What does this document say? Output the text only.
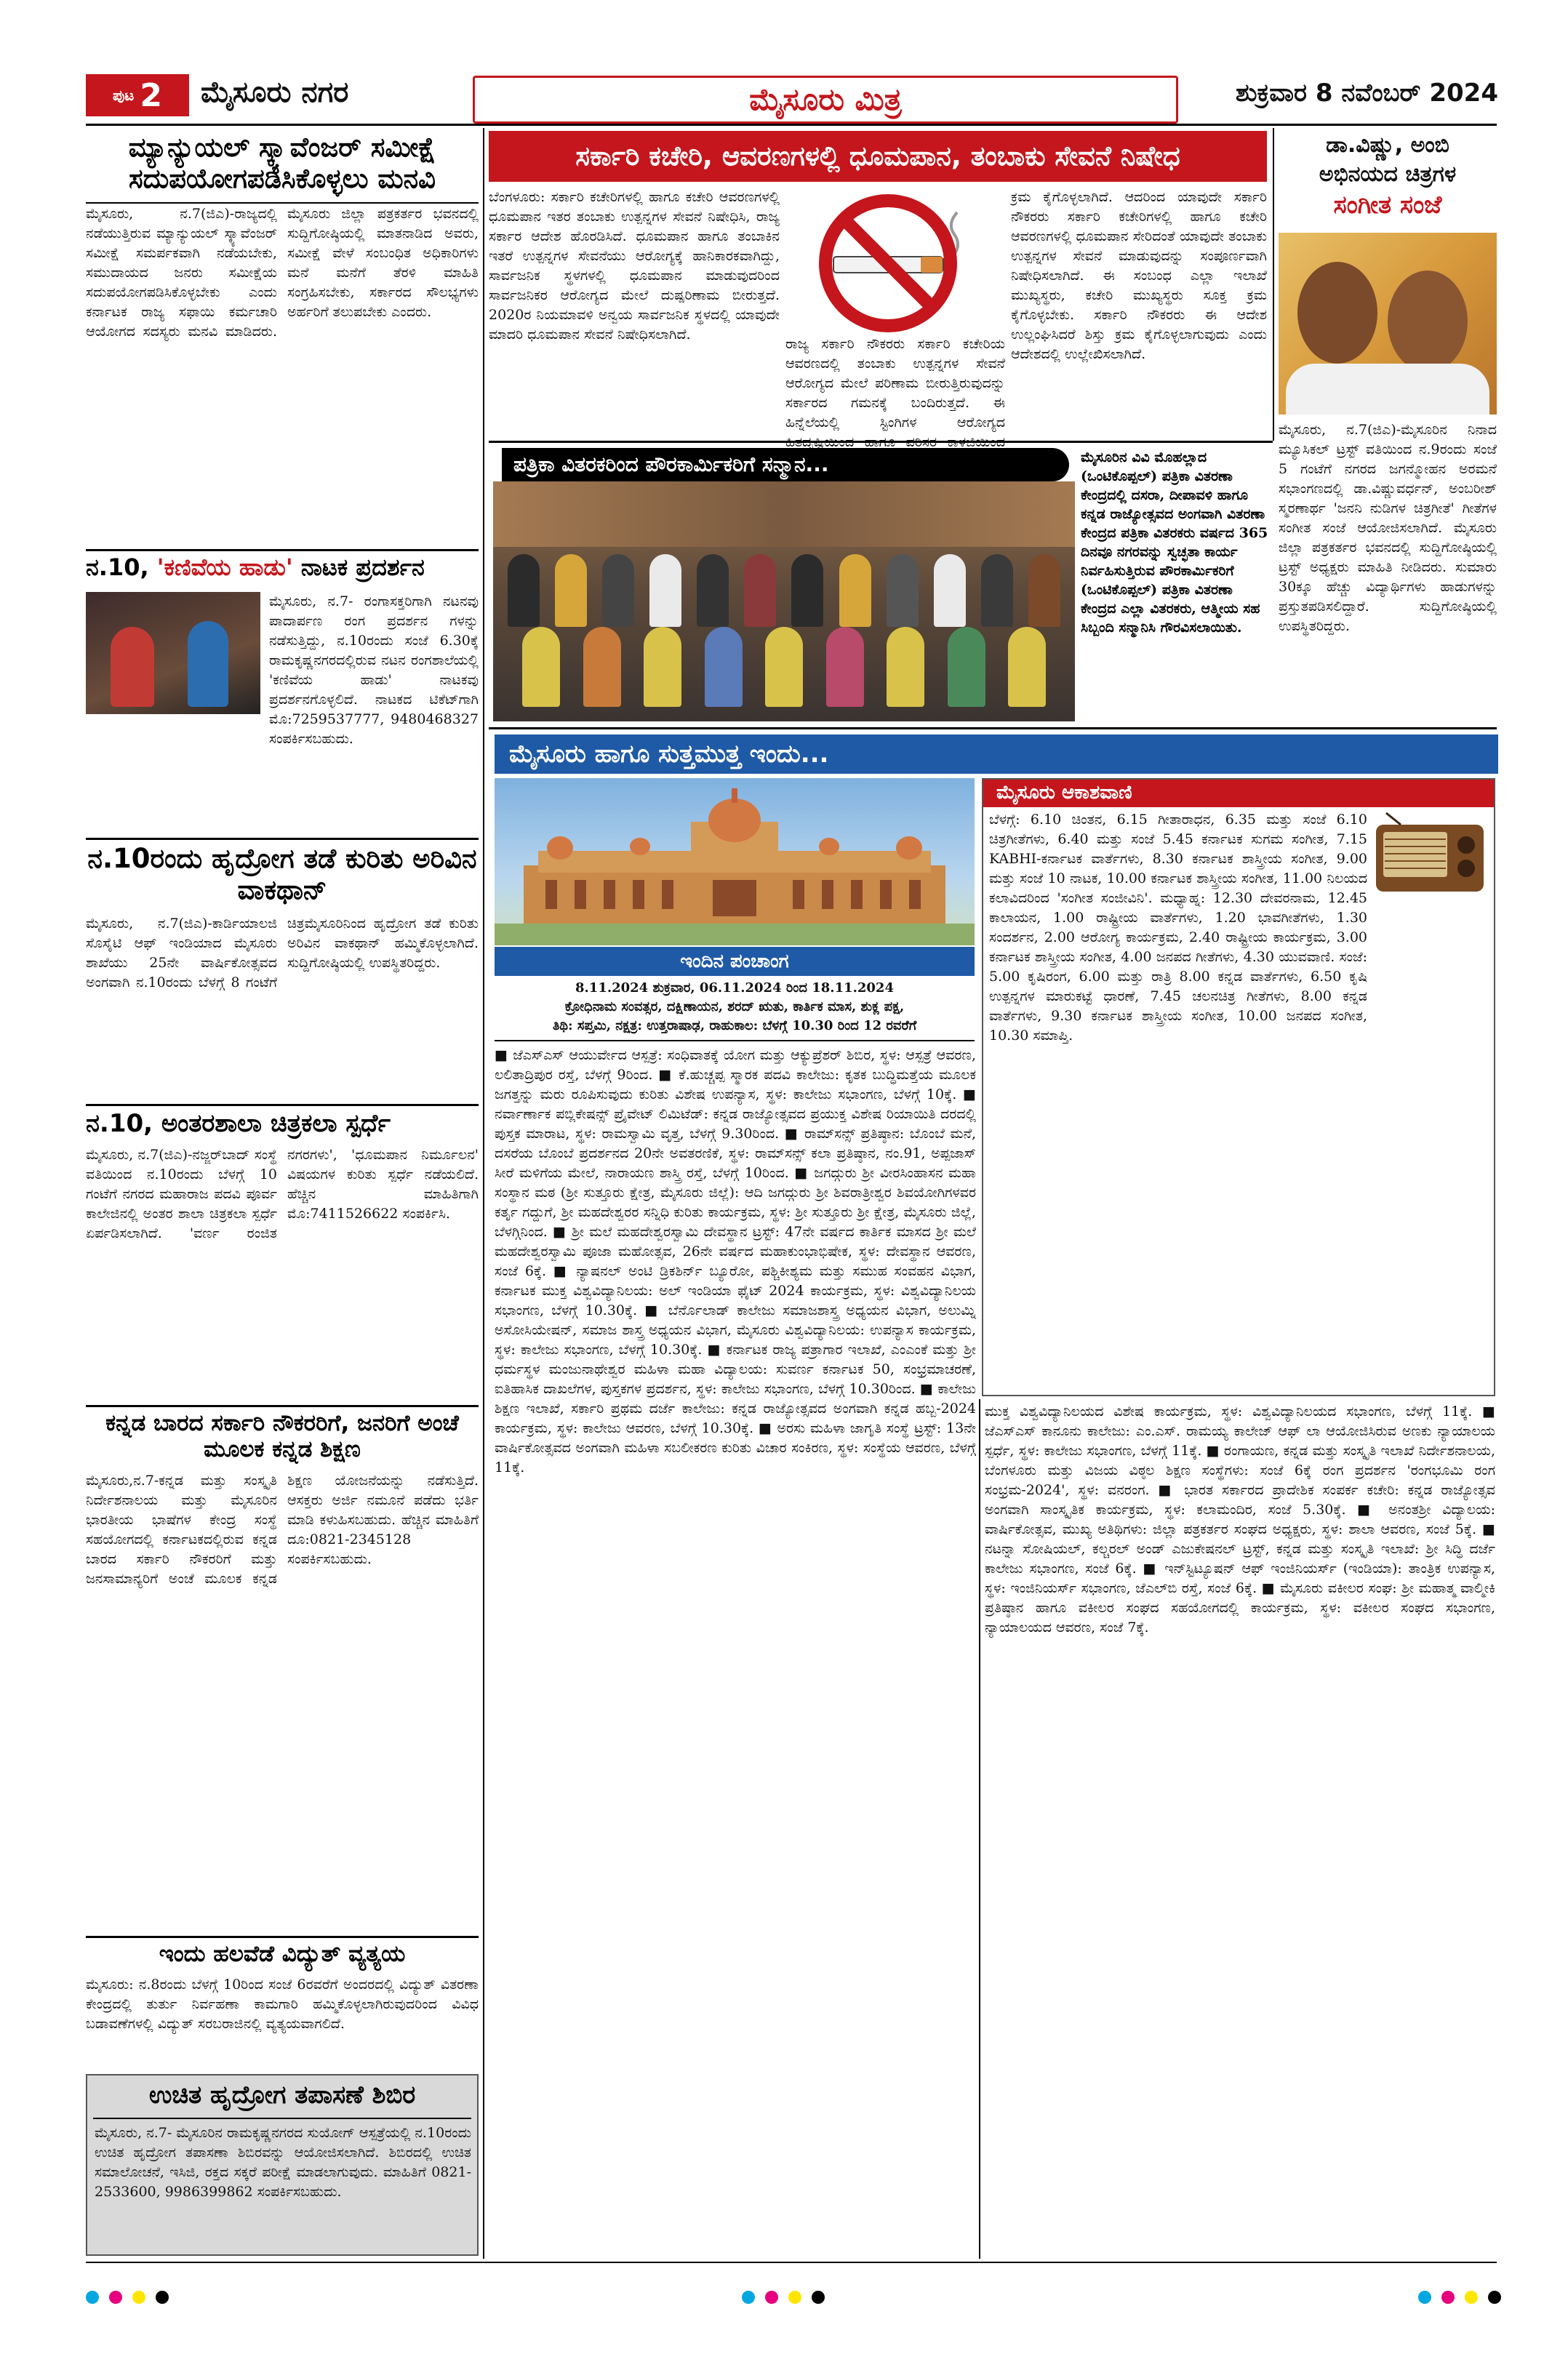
ಪುಟ 2 ಮೈಸೂರು ನಗರ	ಮೈಸೂರು ಮಿತ್ರ	ಶುಕ್ರವಾರ 8 ನವೆಂಬರ್ 2024
ಮ್ಯಾನ್ಯುಯಲ್ ಸ್ಕ್ಯಾವೆಂಜರ್ ಸಮೀಕ್ಷೆ ಸದುಪಯೋಗಪಡಿಸಿಕೊಳ್ಳಲು ಮನವಿ
ಮೈಸೂರು, ನ.7(ಜಿಎ)-ರಾಜ್ಯದಲ್ಲಿ ನಡೆಯುತ್ತಿರುವ ಮ್ಯಾನ್ಯುಯಲ್ ಸ್ಕ್ಯಾವೆಂಜರ್ ಸಮೀಕ್ಷೆ ಸಮರ್ಪಕವಾಗಿ ನಡೆಯಬೇಕು, ಸಮುದಾಯದ ಜನರು ಸಮೀಕ್ಷೆಯ ಸದುಪಯೋಗಪಡಿಸಿಕೊಳ್ಳಬೇಕು ಎಂದು ಕರ್ನಾಟಕ ರಾಜ್ಯ ಸಫಾಯಿ ಕರ್ಮಚಾರಿ ಆಯೋಗದ ಸದಸ್ಯರು ಮನವಿ ಮಾಡಿದರು. ಮೈಸೂರು ಜಿಲ್ಲಾ ಪತ್ರಕರ್ತರ ಭವನದಲ್ಲಿ ಸುದ್ದಿಗೋಷ್ಠಿಯಲ್ಲಿ ಮಾತನಾಡಿದ ಅವರು, ಸಮೀಕ್ಷೆ ವೇಳೆ ಸಂಬಂಧಿತ ಅಧಿಕಾರಿಗಳು ಮನೆ ಮನೆಗೆ ತೆರಳಿ ಮಾಹಿತಿ ಸಂಗ್ರಹಿಸಬೇಕು, ಸರ್ಕಾರದ ಸೌಲಭ್ಯಗಳು ಅರ್ಹರಿಗೆ ತಲುಪಬೇಕು ಎಂದರು.
ನ.10, 'ಕಣಿವೆಯ ಹಾಡು' ನಾಟಕ ಪ್ರದರ್ಶನ
ಮೈಸೂರು, ನ.7- ರಂಗಾಸಕ್ತರಿಗಾಗಿ ನಟನವು ಪಾದಾರ್ಪಣ ರಂಗ ಪ್ರದರ್ಶನ ಗಳನ್ನು ನಡೆಸುತ್ತಿದ್ದು, ನ.10ರಂದು ಸಂಜೆ 6.30ಕ್ಕೆ ರಾಮಕೃಷ್ಣನಗರದಲ್ಲಿರುವ ನಟನ ರಂಗಶಾಲೆಯಲ್ಲಿ 'ಕಣಿವೆಯ ಹಾಡು' ನಾಟಕವು ಪ್ರದರ್ಶನಗೊಳ್ಳಲಿದೆ. ನಾಟಕದ ಟಿಕೆಟ್‌ಗಾಗಿ ಮೊ:7259537777, 9480468327 ಸಂಪರ್ಕಿಸಬಹುದು.
ನ.10ರಂದು ಹೃದ್ರೋಗ ತಡೆ ಕುರಿತು ಅರಿವಿನ ವಾಕಥಾನ್
ಮೈಸೂರು, ನ.7(ಜಿಎ)-ಕಾರ್ಡಿಯಾಲಜಿ ಸೊಸೈಟಿ ಆಫ್ ಇಂಡಿಯಾದ ಮೈಸೂರು ಶಾಖೆಯು 25ನೇ ವಾರ್ಷಿಕೋತ್ಸವದ ಅಂಗವಾಗಿ ನ.10ರಂದು ಬೆಳಗ್ಗೆ 8 ಗಂಟೆಗೆ ಚಿತ್ರಮೈಸೂರಿನಿಂದ ಹೃದ್ರೋಗ ತಡೆ ಕುರಿತು ಅರಿವಿನ ವಾಕಥಾನ್ ಹಮ್ಮಿಕೊಳ್ಳಲಾಗಿದೆ. ಸುದ್ದಿಗೋಷ್ಠಿಯಲ್ಲಿ ಉಪಸ್ಥಿತರಿದ್ದರು.
ನ.10, ಅಂತರಶಾಲಾ ಚಿತ್ರಕಲಾ ಸ್ಪರ್ಧೆ
ಮೈಸೂರು, ನ.7(ಜಿಎ)-ನಜ್ಜರ್‌ಬಾದ್ ಸಂಸ್ಥೆ ವತಿಯಿಂದ ನ.10ರಂದು ಬೆಳಗ್ಗೆ 10 ಗಂಟೆಗೆ ನಗರದ ಮಹಾರಾಜ ಪದವಿ ಪೂರ್ವ ಕಾಲೇಜಿನಲ್ಲಿ ಅಂತರ ಶಾಲಾ ಚಿತ್ರಕಲಾ ಸ್ಪರ್ಧೆ ಏರ್ಪಡಿಸಲಾಗಿದೆ. 'ವರ್ಣ ರಂಜಿತ ನಗರಗಳು', 'ಧೂಮಪಾನ ನಿರ್ಮೂಲನ' ವಿಷಯಗಳ ಕುರಿತು ಸ್ಪರ್ಧೆ ನಡೆಯಲಿದೆ. ಹೆಚ್ಚಿನ ಮಾಹಿತಿಗಾಗಿ ಮೊ:7411526622 ಸಂಪರ್ಕಿಸಿ.
ಕನ್ನಡ ಬಾರದ ಸರ್ಕಾರಿ ನೌಕರರಿಗೆ, ಜನರಿಗೆ ಅಂಚೆ ಮೂಲಕ ಕನ್ನಡ ಶಿಕ್ಷಣ
ಮೈಸೂರು,ನ.7-ಕನ್ನಡ ಮತ್ತು ಸಂಸ್ಕೃತಿ ನಿರ್ದೇಶನಾಲಯ ಮತ್ತು ಮೈಸೂರಿನ ಭಾರತೀಯ ಭಾಷೆಗಳ ಕೇಂದ್ರ ಸಂಸ್ಥೆ ಸಹಯೋಗದಲ್ಲಿ ಕರ್ನಾಟಕದಲ್ಲಿರುವ ಕನ್ನಡ ಬಾರದ ಸರ್ಕಾರಿ ನೌಕರರಿಗೆ ಮತ್ತು ಜನಸಾಮಾನ್ಯರಿಗೆ ಅಂಚೆ ಮೂಲಕ ಕನ್ನಡ ಶಿಕ್ಷಣ ಯೋಜನೆಯನ್ನು ನಡೆಸುತ್ತಿದೆ. ಆಸಕ್ತರು ಅರ್ಜಿ ನಮೂನೆ ಪಡೆದು ಭರ್ತಿ ಮಾಡಿ ಕಳುಹಿಸಬಹುದು. ಹೆಚ್ಚಿನ ಮಾಹಿತಿಗೆ ದೂ:0821-2345128 ಸಂಪರ್ಕಿಸಬಹುದು.
ಇಂದು ಹಲವೆಡೆ ವಿದ್ಯುತ್ ವ್ಯತ್ಯಯ
ಮೈಸೂರು: ನ.8ರಂದು ಬೆಳಗ್ಗೆ 10ರಿಂದ ಸಂಜೆ 6ರವರೆಗೆ ಅಂದರದಲ್ಲಿ ವಿದ್ಯುತ್ ವಿತರಣಾ ಕೇಂದ್ರದಲ್ಲಿ ತುರ್ತು ನಿರ್ವಹಣಾ ಕಾಮಗಾರಿ ಹಮ್ಮಿಕೊಳ್ಳಲಾಗಿರುವುದರಿಂದ ವಿವಿಧ ಬಡಾವಣೆಗಳಲ್ಲಿ ವಿದ್ಯುತ್ ಸರಬರಾಜಿನಲ್ಲಿ ವ್ಯತ್ಯಯವಾಗಲಿದೆ.
ಉಚಿತ ಹೃದ್ರೋಗ ತಪಾಸಣೆ ಶಿಬಿರ
ಮೈಸೂರು, ನ.7- ಮೈಸೂರಿನ ರಾಮಕೃಷ್ಣನಗರದ ಸುಯೋಗ್ ಆಸ್ಪತ್ರೆಯಲ್ಲಿ ನ.10ರಂದು ಉಚಿತ ಹೃದ್ರೋಗ ತಪಾಸಣಾ ಶಿಬಿರವನ್ನು ಆಯೋಜಿಸಲಾಗಿದೆ. ಶಿಬಿರದಲ್ಲಿ ಉಚಿತ ಸಮಾಲೋಚನೆ, ಇಸಿಜಿ, ರಕ್ತದ ಸಕ್ಕರೆ ಪರೀಕ್ಷೆ ಮಾಡಲಾಗುವುದು. ಮಾಹಿತಿಗೆ 0821-2533600, 9986399862 ಸಂಪರ್ಕಿಸಬಹುದು.
ಸರ್ಕಾರಿ ಕಚೇರಿ, ಆವರಣಗಳಲ್ಲಿ ಧೂಮಪಾನ, ತಂಬಾಕು ಸೇವನೆ ನಿಷೇಧ
ಬೆಂಗಳೂರು: ಸರ್ಕಾರಿ ಕಚೇರಿಗಳಲ್ಲಿ ಹಾಗೂ ಕಚೇರಿ ಆವರಣಗಳಲ್ಲಿ ಧೂಮಪಾನ ಇತರ ತಂಬಾಕು ಉತ್ಪನ್ನಗಳ ಸೇವನೆ ನಿಷೇಧಿಸಿ, ರಾಜ್ಯ ಸರ್ಕಾರ ಆದೇಶ ಹೊರಡಿಸಿದೆ. ಧೂಮಪಾನ ಹಾಗೂ ತಂಬಾಕಿನ ಇತರೆ ಉತ್ಪನ್ನಗಳ ಸೇವನೆಯು ಆರೋಗ್ಯಕ್ಕೆ ಹಾನಿಕಾರಕವಾಗಿದ್ದು, ಸಾರ್ವಜನಿಕ ಸ್ಥಳಗಳಲ್ಲಿ ಧೂಮಪಾನ ಮಾಡುವುದರಿಂದ ಸಾರ್ವಜನಿಕರ ಆರೋಗ್ಯದ ಮೇಲೆ ದುಷ್ಪರಿಣಾಮ ಬೀರುತ್ತದೆ. 2020ರ ನಿಯಮಾವಳಿ ಅನ್ವಯ ಸಾರ್ವಜನಿಕ ಸ್ಥಳದಲ್ಲಿ ಯಾವುದೇ ಮಾದರಿ ಧೂಮಪಾನ ಸೇವನೆ ನಿಷೇಧಿಸಲಾಗಿದೆ.
ರಾಜ್ಯ ಸರ್ಕಾರಿ ನೌಕರರು ಸರ್ಕಾರಿ ಕಚೇರಿಯ ಆವರಣದಲ್ಲಿ ತಂಬಾಕು ಉತ್ಪನ್ನಗಳ ಸೇವನೆ ಆರೋಗ್ಯದ ಮೇಲೆ ಪರಿಣಾಮ ಬೀರುತ್ತಿರುವುದನ್ನು ಸರ್ಕಾರದ ಗಮನಕ್ಕೆ ಬಂದಿರುತ್ತದೆ. ಈ ಹಿನ್ನೆಲೆಯಲ್ಲಿ ಸ್ಟಿಂಗಿಗಳ ಆರೋಗ್ಯದ
ಕ್ರಮ ಕೈಗೊಳ್ಳಲಾಗಿದೆ. ಆದರಿಂದ ಯಾವುದೇ ಸರ್ಕಾರಿ ನೌಕರರು ಸರ್ಕಾರಿ ಕಚೇರಿಗಳಲ್ಲಿ ಹಾಗೂ ಕಚೇರಿ ಆವರಣಗಳಲ್ಲಿ ಧೂಮಪಾನ ಸೇರಿದಂತೆ ಯಾವುದೇ ತಂಬಾಕು ಉತ್ಪನ್ನಗಳ ಸೇವನೆ ಮಾಡುವುದನ್ನು ಸಂಪೂರ್ಣವಾಗಿ ನಿಷೇಧಿಸಲಾಗಿದೆ. ಈ ಸಂಬಂಧ ಎಲ್ಲಾ ಇಲಾಖೆ ಮುಖ್ಯಸ್ಥರು, ಕಚೇರಿ ಮುಖ್ಯಸ್ಥರು ಸೂಕ್ತ ಕ್ರಮ ಕೈಗೊಳ್ಳಬೇಕು. ಸರ್ಕಾರಿ ನೌಕರರು ಈ ಆದೇಶ ಉಲ್ಲಂಘಿಸಿದರೆ ಶಿಸ್ತು ಕ್ರಮ ಕೈಗೊಳ್ಳಲಾಗುವುದು ಎಂದು ಆದೇಶದಲ್ಲಿ ಉಲ್ಲೇಖಿಸಲಾಗಿದೆ.
ಡಾ.ವಿಷ್ಣು, ಅಂಬಿ
ಅಭಿನಯದ ಚಿತ್ರಗಳ
ಸಂಗೀತ ಸಂಜೆ
ಮೈಸೂರು, ನ.7(ಜಿಎ)-ಮೈಸೂರಿನ ನಿನಾದ ಮ್ಯೂಸಿಕಲ್ ಟ್ರಸ್ಟ್ ವತಿಯಿಂದ ನ.9ರಂದು ಸಂಜೆ 5 ಗಂಟೆಗೆ ನಗರದ ಜಗನ್ಮೋಹನ ಅರಮನೆ ಸಭಾಂಗಣದಲ್ಲಿ ಡಾ.ವಿಷ್ಣುವರ್ಧನ್, ಅಂಬರೀಶ್ ಸ್ಮರಣಾರ್ಥ 'ಜನನಿ ನುಡಿಗಳ ಚಿತ್ರಗೀತೆ' ಗೀತೆಗಳ ಸಂಗೀತ ಸಂಜೆ ಆಯೋಜಿಸಲಾಗಿದೆ. ಮೈಸೂರು ಜಿಲ್ಲಾ ಪತ್ರಕರ್ತರ ಭವನದಲ್ಲಿ ಸುದ್ದಿಗೋಷ್ಠಿಯಲ್ಲಿ ಟ್ರಸ್ಟ್ ಅಧ್ಯಕ್ಷರು ಮಾಹಿತಿ ನೀಡಿದರು. ಸುಮಾರು 30ಕ್ಕೂ ಹೆಚ್ಚು ವಿದ್ಯಾರ್ಥಿಗಳು ಹಾಡುಗಳನ್ನು ಪ್ರಸ್ತುತಪಡಿಸಲಿದ್ದಾರೆ. ಸುದ್ದಿಗೋಷ್ಠಿಯಲ್ಲಿ ಉಪಸ್ಥಿತರಿದ್ದರು.
ಪತ್ರಿಕಾ ವಿತರಕರಿಂದ ಪೌರಕಾರ್ಮಿಕರಿಗೆ ಸನ್ಮಾನ...	ಮೈಸೂರಿನ ವಿವಿ ಮೊಹಲ್ಲಾದ (ಒಂಟಿಕೊಪ್ಪಲ್) ಪತ್ರಿಕಾ ವಿತರಣಾ ಕೇಂದ್ರದಲ್ಲಿ ದಸರಾ, ದೀಪಾವಳಿ ಹಾಗೂ ಕನ್ನಡ ರಾಜ್ಯೋತ್ಸವದ ಅಂಗವಾಗಿ ವಿತರಣಾ ಕೇಂದ್ರದ ಪತ್ರಿಕಾ ವಿತರಕರು ವರ್ಷದ 365 ದಿನವೂ ನಗರವನ್ನು ಸ್ವಚ್ಛತಾ ಕಾರ್ಯ ನಿರ್ವಹಿಸುತ್ತಿರುವ ಪೌರಕಾರ್ಮಿಕರಿಗೆ (ಒಂಟಿಕೊಪ್ಪಲ್) ಪತ್ರಿಕಾ ವಿತರಣಾ ಕೇಂದ್ರದ ಎಲ್ಲಾ ವಿತರಕರು, ಆತ್ಮೀಯ ಸಹ ಸಿಬ್ಬಂದಿ ಸನ್ಮಾನಿಸಿ ಗೌರವಿಸಲಾಯಿತು.
ಮೈಸೂರು ಹಾಗೂ ಸುತ್ತಮುತ್ತ ಇಂದು...
ಇಂದಿನ ಪಂಚಾಂಗ
8.11.2024 ಶುಕ್ರವಾರ, 06.11.2024 ರಿಂದ 18.11.2024
ಕ್ರೋಧಿನಾಮ ಸಂವತ್ಸರ, ದಕ್ಷಿಣಾಯನ, ಶರದ್ ಋತು, ಕಾರ್ತಿಕ ಮಾಸ, ಶುಕ್ಲ ಪಕ್ಷ,
ತಿಥಿ: ಸಪ್ತಮಿ, ನಕ್ಷತ್ರ: ಉತ್ತರಾಷಾಢ, ರಾಹುಕಾಲ: ಬೆಳಗ್ಗೆ 10.30 ರಿಂದ 12 ರವರೆಗೆ
ಮೈಸೂರು ಆಕಾಶವಾಣಿ
ಬೆಳಗ್ಗೆ: 6.10 ಚಿಂತನ, 6.15 ಗೀತಾರಾಧನ, 6.35 ಮತ್ತು ಸಂಜೆ 6.10 ಚಿತ್ರಗೀತೆಗಳು, 6.40 ಮತ್ತು ಸಂಜೆ 5.45 ಕರ್ನಾಟಕ ಸುಗಮ ಸಂಗೀತ, 7.15 KABHI-ಕರ್ನಾಟಕ ವಾರ್ತೆಗಳು, 8.30 ಕರ್ನಾಟಕ ಶಾಸ್ತ್ರೀಯ ಸಂಗೀತ, 9.00 ಮತ್ತು ಸಂಜೆ 10 ನಾಟಕ, 10.00 ಕರ್ನಾಟಕ ಶಾಸ್ತ್ರೀಯ ಸಂಗೀತ, 11.00 ನಿಲಯದ ಕಲಾವಿದರಿಂದ 'ಸಂಗೀತ ಸಂಜೀವಿನಿ'. ಮಧ್ಯಾಹ್ನ: 12.30 ದೇವರನಾಮ, 12.45 ಕಾಲಾಯನ, 1.00 ರಾಷ್ಟ್ರೀಯ ವಾರ್ತೆಗಳು, 1.20 ಭಾವಗೀತೆಗಳು, 1.30 ಸಂದರ್ಶನ, 2.00 ಆರೋಗ್ಯ ಕಾರ್ಯಕ್ರಮ, 2.40 ರಾಷ್ಟ್ರೀಯ ಕಾರ್ಯಕ್ರಮ, 3.00 ಕರ್ನಾಟಕ ಶಾಸ್ತ್ರೀಯ ಸಂಗೀತ, 4.00 ಜನಪದ ಗೀತೆಗಳು, 4.30 ಯುವವಾಣಿ. ಸಂಜೆ: 5.00 ಕೃಷಿರಂಗ, 6.00 ಮತ್ತು ರಾತ್ರಿ 8.00 ಕನ್ನಡ ವಾರ್ತೆಗಳು, 6.50 ಕೃಷಿ ಉತ್ಪನ್ನಗಳ ಮಾರುಕಟ್ಟೆ ಧಾರಣೆ, 7.45 ಚಲನಚಿತ್ರ ಗೀತೆಗಳು, 8.00 ಕನ್ನಡ ವಾರ್ತೆಗಳು, 9.30 ಕರ್ನಾಟಕ ಶಾಸ್ತ್ರೀಯ ಸಂಗೀತ, 10.00 ಜನಪದ ಸಂಗೀತ, 10.30 ಸಮಾಪ್ತಿ.
■ ಜೆಎಸ್‌ಎಸ್ ಆಯುರ್ವೇದ ಆಸ್ಪತ್ರೆ: ಸಂಧಿವಾತಕ್ಕೆ ಯೋಗ ಮತ್ತು ಆಕ್ಯುಪ್ರೆಶರ್ ಶಿಬಿರ, ಸ್ಥಳ: ಆಸ್ಪತ್ರೆ ಆವರಣ, ಲಲಿತಾದ್ರಿಪುರ ರಸ್ತೆ, ಬೆಳಗ್ಗೆ 9ರಿಂದ. ■ ಕೆ.ಹುಚ್ಚಪ್ಪ ಸ್ಮಾರಕ ಪದವಿ ಕಾಲೇಜು: ಕೃತಕ ಬುದ್ಧಿಮತ್ತೆಯ ಮೂಲಕ ಜಗತ್ತನ್ನು ಮರು ರೂಪಿಸುವುದು ಕುರಿತು ವಿಶೇಷ ಉಪನ್ಯಾಸ, ಸ್ಥಳ: ಕಾಲೇಜು ಸಭಾಂಗಣ, ಬೆಳಗ್ಗೆ 10ಕ್ಕೆ. ■ ನರ್ವಾರ್ಣಾಕ ಪಬ್ಲಿಕೇಷನ್ಸ್ ಪ್ರೈವೇಟ್ ಲಿಮಿಟೆಡ್: ಕನ್ನಡ ರಾಜ್ಯೋತ್ಸವದ ಪ್ರಯುಕ್ತ ವಿಶೇಷ ರಿಯಾಯಿತಿ ದರದಲ್ಲಿ ಪುಸ್ತಕ ಮಾರಾಟ, ಸ್ಥಳ: ರಾಮಸ್ವಾಮಿ ವೃತ್ತ, ಬೆಳಗ್ಗೆ 9.30ರಿಂದ. ■ ರಾಮ್‌ಸನ್ಸ್ ಪ್ರತಿಷ್ಠಾನ: ಬೊಂಬೆ ಮನೆ, ದಸರೆಯ ಬೊಂಬೆ ಪ್ರದರ್ಶನದ 20ನೇ ಅವತರಣಿಕೆ, ಸ್ಥಳ: ರಾಮ್‌ಸನ್ಸ್ ಕಲಾ ಪ್ರತಿಷ್ಠಾನ, ನಂ.91, ಅಪ್ಪಜಾಸ್ ಸೀರೆ ಮಳಿಗೆಯ ಮೇಲೆ, ನಾರಾಯಣ ಶಾಸ್ತ್ರಿ ರಸ್ತೆ, ಬೆಳಗ್ಗೆ 10ರಿಂದ. ■ ಜಗದ್ಗುರು ಶ್ರೀ ವೀರಸಿಂಹಾಸನ ಮಹಾ ಸಂಸ್ಥಾನ ಮಠ (ಶ್ರೀ ಸುತ್ತೂರು ಕ್ಷೇತ್ರ, ಮೈಸೂರು ಜಿಲ್ಲೆ): ಆದಿ ಜಗದ್ಗುರು ಶ್ರೀ ಶಿವರಾತ್ರೀಶ್ವರ ಶಿವಯೋಗಿಗಳವರ ಕರ್ತೃ ಗದ್ದುಗೆ, ಶ್ರೀ ಮಹದೇಶ್ವರರ ಸನ್ನಿಧಿ ಕುರಿತು ಕಾರ್ಯಕ್ರಮ, ಸ್ಥಳ: ಶ್ರೀ ಸುತ್ತೂರು ಶ್ರೀ ಕ್ಷೇತ್ರ, ಮೈಸೂರು ಜಿಲ್ಲೆ, ಬೆಳಗ್ಗಿನಿಂದ. ■ ಶ್ರೀ ಮಲೆ ಮಹದೇಶ್ವರಸ್ವಾಮಿ ದೇವಸ್ಥಾನ ಟ್ರಸ್ಟ್: 47ನೇ ವರ್ಷದ ಕಾರ್ತಿಕ ಮಾಸದ ಶ್ರೀ ಮಲೆ ಮಹದೇಶ್ವರಸ್ವಾಮಿ ಪೂಜಾ ಮಹೋತ್ಸವ, 26ನೇ ವರ್ಷದ ಮಹಾಕುಂಭಾಭಿಷೇಕ, ಸ್ಥಳ: ದೇವಸ್ಥಾನ ಆವರಣ, ಸಂಜೆ 6ಕ್ಕೆ. ■ ನ್ಯಾಷನಲ್ ಅಂಟಿ ಡ್ರಿಕಶಿರ್ನ್ ಬ್ಯೂರೋ, ಪಶ್ಚಿಕೀಶ್ಯಮ ಮತ್ತು ಸಮುಹ ಸಂವಹನ ವಿಭಾಗ, ಕರ್ನಾಟಕ ಮುಕ್ತ ವಿಶ್ವವಿದ್ಯಾನಿಲಯ: ಅಲ್ ಇಂಡಿಯಾ ಫೈಟ್ 2024 ಕಾರ್ಯಕ್ರಮ, ಸ್ಥಳ: ವಿಶ್ವವಿದ್ಯಾನಿಲಯ ಸಭಾಂಗಣ, ಬೆಳಗ್ಗೆ 10.30ಕ್ಕೆ. ■ ಬೆರ್ನೊಲಾಡ್ ಕಾಲೇಜು ಸಮಾಜಶಾಸ್ತ್ರ ಅಧ್ಯಯನ ವಿಭಾಗ, ಅಲುಮ್ನಿ ಅಸೋಸಿಯೇಷನ್, ಸಮಾಜ ಶಾಸ್ತ್ರ ಅಧ್ಯಯನ ವಿಭಾಗ, ಮೈಸೂರು ವಿಶ್ವವಿದ್ಯಾನಿಲಯ: ಉಪನ್ಯಾಸ ಕಾರ್ಯಕ್ರಮ, ಸ್ಥಳ: ಕಾಲೇಜು ಸಭಾಂಗಣ, ಬೆಳಗ್ಗೆ 10.30ಕ್ಕೆ. ■ ಕರ್ನಾಟಕ ರಾಜ್ಯ ಪತ್ರಾಗಾರ ಇಲಾಖೆ, ಎಂಎಂಕೆ ಮತ್ತು ಶ್ರೀ ಧರ್ಮಸ್ಥಳ ಮಂಜುನಾಥೇಶ್ವರ ಮಹಿಳಾ ಮಹಾ ವಿದ್ಯಾಲಯ: ಸುವರ್ಣ ಕರ್ನಾಟಕ 50, ಸಂಭ್ರಮಾಚರಣೆ, ಐತಿಹಾಸಿಕ ದಾಖಲೆಗಳ, ಪುಸ್ತಕಗಳ ಪ್ರದರ್ಶನ, ಸ್ಥಳ: ಕಾಲೇಜು ಸಭಾಂಗಣ, ಬೆಳಗ್ಗೆ 10.30ರಿಂದ. ■ ಕಾಲೇಜು ಶಿಕ್ಷಣ ಇಲಾಖೆ, ಸರ್ಕಾರಿ ಪ್ರಥಮ ದರ್ಜೆ ಕಾಲೇಜು: ಕನ್ನಡ ರಾಜ್ಯೋತ್ಸವದ ಅಂಗವಾಗಿ ಕನ್ನಡ ಹಬ್ಬ-2024 ಕಾರ್ಯಕ್ರಮ, ಸ್ಥಳ: ಕಾಲೇಜು ಆವರಣ, ಬೆಳಗ್ಗೆ 10.30ಕ್ಕೆ. ■ ಅರಸು ಮಹಿಳಾ ಜಾಗೃತಿ ಸಂಸ್ಥೆ ಟ್ರಸ್ಟ್: 13ನೇ ವಾರ್ಷಿಕೋತ್ಸವದ ಅಂಗವಾಗಿ ಮಹಿಳಾ ಸಬಲೀಕರಣ ಕುರಿತು ವಿಚಾರ ಸಂಕಿರಣ, ಸ್ಥಳ: ಸಂಸ್ಥೆಯ ಆವರಣ, ಬೆಳಗ್ಗೆ 11ಕ್ಕೆ.
ಮುಕ್ತ ವಿಶ್ವವಿದ್ಯಾನಿಲಯದ ವಿಶೇಷ ಕಾರ್ಯಕ್ರಮ, ಸ್ಥಳ: ವಿಶ್ವವಿದ್ಯಾನಿಲಯದ ಸಭಾಂಗಣ, ಬೆಳಗ್ಗೆ 11ಕ್ಕೆ. ■ ಜೆಎಸ್‌ಎಸ್ ಕಾನೂನು ಕಾಲೇಜು: ಎಂ.ಎಸ್. ರಾಮಯ್ಯ ಕಾಲೇಜ್ ಆಫ್ ಲಾ ಆಯೋಜಿಸಿರುವ ಅಣಕು ನ್ಯಾಯಾಲಯ ಸ್ಪರ್ಧೆ, ಸ್ಥಳ: ಕಾಲೇಜು ಸಭಾಂಗಣ, ಬೆಳಗ್ಗೆ 11ಕ್ಕೆ. ■ ರಂಗಾಯಣ, ಕನ್ನಡ ಮತ್ತು ಸಂಸ್ಕೃತಿ ಇಲಾಖೆ ನಿರ್ದೇಶನಾಲಯ, ಬೆಂಗಳೂರು ಮತ್ತು ವಿಜಯ ವಿಠ್ಠಲ ಶಿಕ್ಷಣ ಸಂಸ್ಥೆಗಳು: ಸಂಜೆ 6ಕ್ಕೆ ರಂಗ ಪ್ರದರ್ಶನ 'ರಂಗಭೂಮಿ ರಂಗ ಸಂಭ್ರಮ-2024', ಸ್ಥಳ: ವನರಂಗ. ■ ಭಾರತ ಸರ್ಕಾರದ ಪ್ರಾದೇಶಿಕ ಸಂಪರ್ಕ ಕಚೇರಿ: ಕನ್ನಡ ರಾಜ್ಯೋತ್ಸವ ಅಂಗವಾಗಿ ಸಾಂಸ್ಕೃತಿಕ ಕಾರ್ಯಕ್ರಮ, ಸ್ಥಳ: ಕಲಾಮಂದಿರ, ಸಂಜೆ 5.30ಕ್ಕೆ. ■ ಅನಂತಶ್ರೀ ವಿದ್ಯಾಲಯ: ವಾರ್ಷಿಕೋತ್ಸವ, ಮುಖ್ಯ ಅತಿಥಿಗಳು: ಜಿಲ್ಲಾ ಪತ್ರಕರ್ತರ ಸಂಘದ ಅಧ್ಯಕ್ಷರು, ಸ್ಥಳ: ಶಾಲಾ ಆವರಣ, ಸಂಜೆ 5ಕ್ಕೆ. ■ ನಟನ್ನಾ ಸೋಷಿಯಲ್, ಕಲ್ಚರಲ್ ಅಂಡ್ ಎಜುಕೇಷನಲ್ ಟ್ರಸ್ಟ್, ಕನ್ನಡ ಮತ್ತು ಸಂಸ್ಕೃತಿ ಇಲಾಖೆ: ಶ್ರೀ ಸಿದ್ಧಿ ದರ್ಜೆ ಕಾಲೇಜು ಸಭಾಂಗಣ, ಸಂಜೆ 6ಕ್ಕೆ. ■ ಇನ್‌ಸ್ಟಿಟ್ಯೂಷನ್ ಆಫ್ ಇಂಜಿನಿಯರ್ಸ್ (ಇಂಡಿಯಾ): ತಾಂತ್ರಿಕ ಉಪನ್ಯಾಸ, ಸ್ಥಳ: ಇಂಜಿನಿಯರ್ಸ್ ಸಭಾಂಗಣ, ಜೆಎಲ್‌ಬಿ ರಸ್ತೆ, ಸಂಜೆ 6ಕ್ಕೆ. ■ ಮೈಸೂರು ವಕೀಲರ ಸಂಘ: ಶ್ರೀ ಮಹಾತ್ಮ ವಾಲ್ಮೀಕಿ ಪ್ರತಿಷ್ಠಾನ ಹಾಗೂ ವಕೀಲರ ಸಂಘದ ಸಹಯೋಗದಲ್ಲಿ ಕಾರ್ಯಕ್ರಮ, ಸ್ಥಳ: ವಕೀಲರ ಸಂಘದ ಸಭಾಂಗಣ, ನ್ಯಾಯಾಲಯದ ಆವರಣ, ಸಂಜೆ 7ಕ್ಕೆ.
